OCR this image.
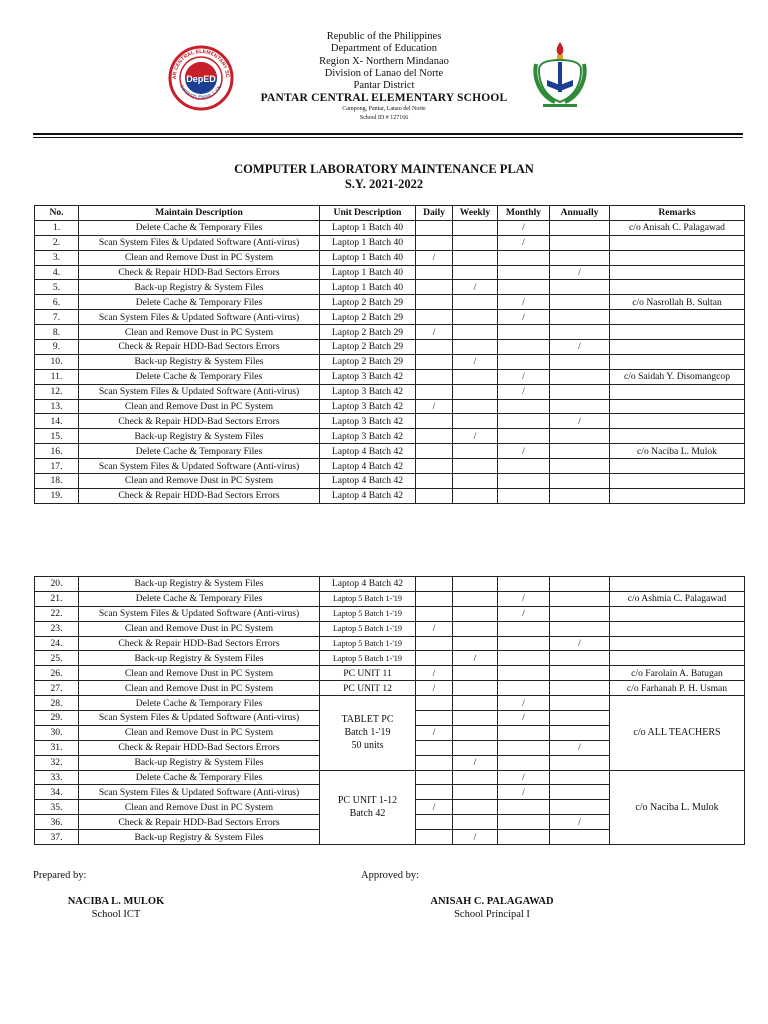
DepED
AR CENTRAL ELEMENTARY SC
Campong, Pantar, L.d.N.
Republic of the Philippines
Department of Education
Region X- Northern Mindanao
Division of Lanao del Norte
Pantar District
PANTAR CENTRAL ELEMENTARY SCHOOL
Campong, Pantar, Lanao del Norte
School ID # 127166
COMPUTER LABORATORY MAINTENANCE PLAN
S.Y. 2021-2022
No.	Maintain Description	Unit Description	Daily	Weekly	Monthly	Annually	Remarks
1.	Delete Cache & Temporary Files	Laptop 1 Batch 40			/		c/o Anisah C. Palagawad
2.	Scan System Files & Updated Software (Anti-virus)	Laptop 1 Batch 40			/		
3.	Clean and Remove Dust in PC System	Laptop 1 Batch 40	/				
4.	Check & Repair HDD-Bad Sectors Errors	Laptop 1 Batch 40				/	
5.	Back-up Registry & System Files	Laptop 1 Batch 40		/			
6.	Delete Cache & Temporary Files	Laptop 2 Batch 29			/		c/o Nasrollah B. Sultan
7.	Scan System Files & Updated Software (Anti-virus)	Laptop 2 Batch 29			/		
8.	Clean and Remove Dust in PC System	Laptop 2 Batch 29	/				
9.	Check & Repair HDD-Bad Sectors Errors	Laptop 2 Batch 29				/	
10.	Back-up Registry & System Files	Laptop 2 Batch 29		/			
11.	Delete Cache & Temporary Files	Laptop 3 Batch 42			/		c/o Saidah Y. Disomangcop
12.	Scan System Files & Updated Software (Anti-virus)	Laptop 3 Batch 42			/		
13.	Clean and Remove Dust in PC System	Laptop 3 Batch 42	/				
14.	Check & Repair HDD-Bad Sectors Errors	Laptop 3 Batch 42				/	
15.	Back-up Registry & System Files	Laptop 3 Batch 42		/			
16.	Delete Cache & Temporary Files	Laptop 4 Batch 42			/		c/o Naciba L. Mulok
17.	Scan System Files & Updated Software (Anti-virus)	Laptop 4 Batch 42					
18.	Clean and Remove Dust in PC System	Laptop 4 Batch 42					
19.	Check & Repair HDD-Bad Sectors Errors	Laptop 4 Batch 42					
20.	Back-up Registry & System Files	Laptop 4 Batch 42					
21.	Delete Cache & Temporary Files	Laptop 5 Batch 1-'19			/		c/o Ashmia C. Palagawad
22.	Scan System Files & Updated Software (Anti-virus)	Laptop 5 Batch 1-'19			/		
23.	Clean and Remove Dust in PC System	Laptop 5 Batch 1-'19	/				
24.	Check & Repair HDD-Bad Sectors Errors	Laptop 5 Batch 1-'19				/	
25.	Back-up Registry & System Files	Laptop 5 Batch 1-'19		/			
26.	Clean and Remove Dust in PC System	PC UNIT 11	/				c/o Farolain A. Batugan
27.	Clean and Remove Dust in PC System	PC UNIT 12	/				c/o Farhanah P. H. Usman
28.	Delete Cache & Temporary Files	TABLET PC
Batch 1-'19
50 units			/		c/o ALL TEACHERS
29.	Scan System Files & Updated Software (Anti-virus)				/		
30.	Clean and Remove Dust in PC System		/				
31.	Check & Repair HDD-Bad Sectors Errors					/	
32.	Back-up Registry & System Files			/			
33.	Delete Cache & Temporary Files	PC UNIT 1-12
Batch 42			/		c/o Naciba L. Mulok
34.	Scan System Files & Updated Software (Anti-virus)				/		
35.	Clean and Remove Dust in PC System		/				
36.	Check & Repair HDD-Bad Sectors Errors					/	
37.	Back-up Registry & System Files			/			
Prepared by:	Approved by:
NACIBA L. MULOK
School ICT
ANISAH C. PALAGAWAD
School Principal I
